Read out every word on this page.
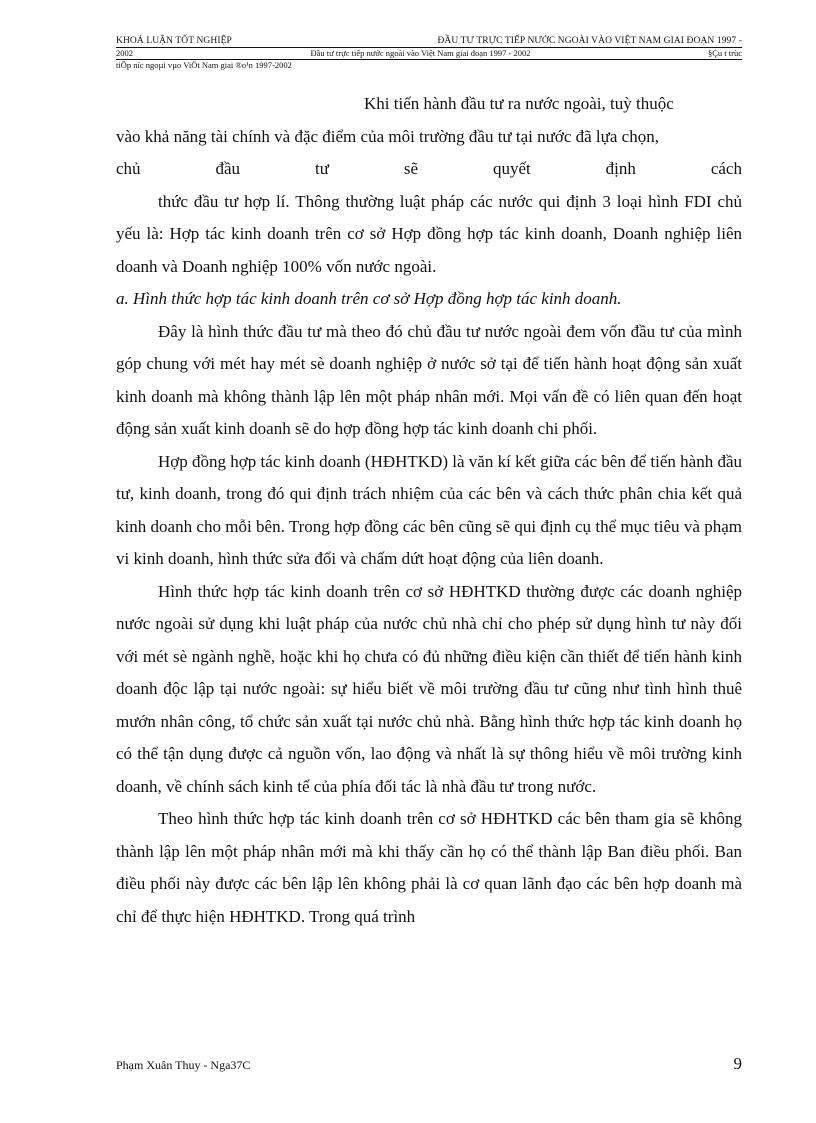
KHOÁ LUẬN TỐT NGHIỆP	ĐẦU TƯ TRỰC TIẾP NƯỚC NGOÀI VÀO VIỆT NAM GIAI ĐOẠN 1997 -
2002	Đầu tư trực tiếp nước ngoài vào Việt Nam giai đoạn 1997 - 2002	§Çu t trùc
tiÕp níc ngoµi vµo ViÖt Nam giai ®o¹n 1997-2002

Khi tiến hành đầu tư ra nước ngoài, tuỳ thuộc

vào khả năng tài chính và đặc điểm của môi trường đầu tư tại nước đã lựa chọn,

chủ	đầu	tư	sẽ	quyết	định	cách

thức đầu tư hợp lí. Thông thường luật pháp các nước qui định 3 loại hình FDI chủ yếu là: Hợp tác kinh doanh trên cơ sở Hợp đồng hợp tác kinh doanh, Doanh nghiệp liên doanh và Doanh nghiệp 100% vốn nước ngoài.

a. Hình thức hợp tác kinh doanh trên cơ sở Hợp đồng hợp tác kinh doanh.

Đây là hình thức đầu tư mà theo đó chủ đầu tư nước ngoài đem vốn đầu tư của mình góp chung với mét hay mét sè doanh nghiệp ở nước sở tại để tiến hành hoạt động sản xuất kinh doanh mà không thành lập lên một pháp nhân mới. Mọi vấn đề có liên quan đến hoạt động sản xuất kinh doanh sẽ do hợp đồng hợp tác kinh doanh chi phối.

Hợp đồng hợp tác kinh doanh (HĐHTKD) là văn kí kết giữa các bên để tiến hành đầu tư, kinh doanh, trong đó qui định trách nhiệm của các bên và cách thức phân chia kết quả kinh doanh cho mỗi bên. Trong hợp đồng các bên cũng sẽ qui định cụ thể mục tiêu và phạm vi kinh doanh, hình thức sửa đổi và chấm dứt hoạt động của liên doanh.

Hình thức hợp tác kinh doanh trên cơ sở HĐHTKD thường được các doanh nghiệp nước ngoài sử dụng khi luật pháp của nước chủ nhà chỉ cho phép sử dụng hình tư này đối với mét sè ngành nghề, hoặc khi họ chưa có đủ những điều kiện cần thiết để tiến hành kinh doanh độc lập tại nước ngoài: sự hiểu biết về môi trường đầu tư cũng như tình hình thuê mướn nhân công, tổ chức sản xuất tại nước chủ nhà. Bằng hình thức hợp tác kinh doanh họ có thể tận dụng được cả nguồn vốn, lao động và nhất là sự thông hiểu về môi trường kinh doanh, về chính sách kinh tế của phía đối tác là nhà đầu tư trong nước.

Theo hình thức hợp tác kinh doanh trên cơ sở HĐHTKD các bên tham gia sẽ không thành lập lên một pháp nhân mới mà khi thấy cần họ có thể thành lập Ban điều phối. Ban điều phối này được các bên lập lên không phải là cơ quan lãnh đạo các bên hợp doanh mà chỉ để thực hiện HĐHTKD. Trong quá trình

Phạm Xuân Thuy - Nga37C	9
